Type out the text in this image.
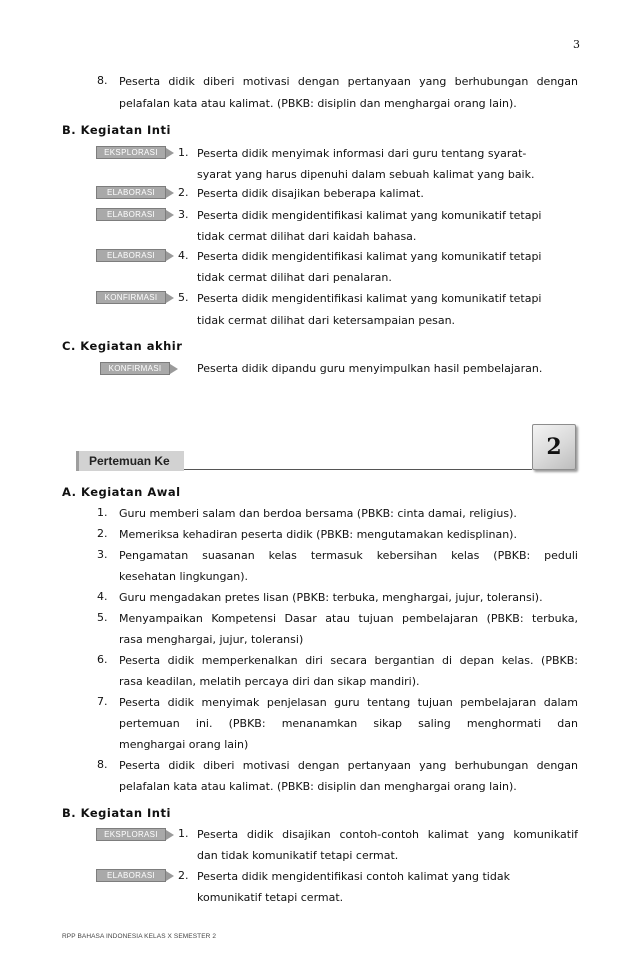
3
8. Peserta didik diberi motivasi dengan pertanyaan yang berhubungan dengan
pelafalan kata atau kalimat. (PBKB: disiplin dan menghargai orang lain).
B. Kegiatan Inti
EKSPLORASI	1. Peserta didik menyimak informasi dari guru tentang syarat-
syarat yang harus dipenuhi dalam sebuah kalimat yang baik.
ELABORASI	2. Peserta didik disajikan beberapa kalimat.
ELABORASI	3. Peserta didik mengidentifikasi kalimat yang komunikatif tetapi
tidak cermat dilihat dari kaidah bahasa.
ELABORASI	4. Peserta didik mengidentifikasi kalimat yang komunikatif tetapi
tidak cermat dilihat dari penalaran.
KONFIRMASI	5. Peserta didik mengidentifikasi kalimat yang komunikatif tetapi
tidak cermat dilihat dari ketersampaian pesan.
C. Kegiatan akhir
KONFIRMASI	Peserta didik dipandu guru menyimpulkan hasil pembelajaran.
Pertemuan Ke
2
A. Kegiatan Awal
1. Guru memberi salam dan berdoa bersama (PBKB: cinta damai, religius).
2. Memeriksa kehadiran peserta didik (PBKB: mengutamakan kedisplinan).
3. Pengamatan suasanan kelas termasuk kebersihan kelas (PBKB: peduli
kesehatan lingkungan).
4. Guru mengadakan pretes lisan (PBKB: terbuka, menghargai, jujur, toleransi).
5. Menyampaikan Kompetensi Dasar atau tujuan pembelajaran (PBKB: terbuka,
rasa menghargai, jujur, toleransi)
6. Peserta didik memperkenalkan diri secara bergantian di depan kelas. (PBKB:
rasa keadilan, melatih percaya diri dan sikap mandiri).
7. Peserta didik menyimak penjelasan guru tentang tujuan pembelajaran dalam
pertemuan ini. (PBKB: menanamkan sikap saling menghormati dan
menghargai orang lain)
8. Peserta didik diberi motivasi dengan pertanyaan yang berhubungan dengan
pelafalan kata atau kalimat. (PBKB: disiplin dan menghargai orang lain).
B. Kegiatan Inti
EKSPLORASI	1. Peserta didik disajikan contoh-contoh kalimat yang komunikatif
dan tidak komunikatif tetapi cermat.
ELABORASI	2. Peserta didik mengidentifikasi contoh kalimat yang tidak
komunikatif tetapi cermat.
RPP BAHASA INDONESIA KELAS X SEMESTER 2
